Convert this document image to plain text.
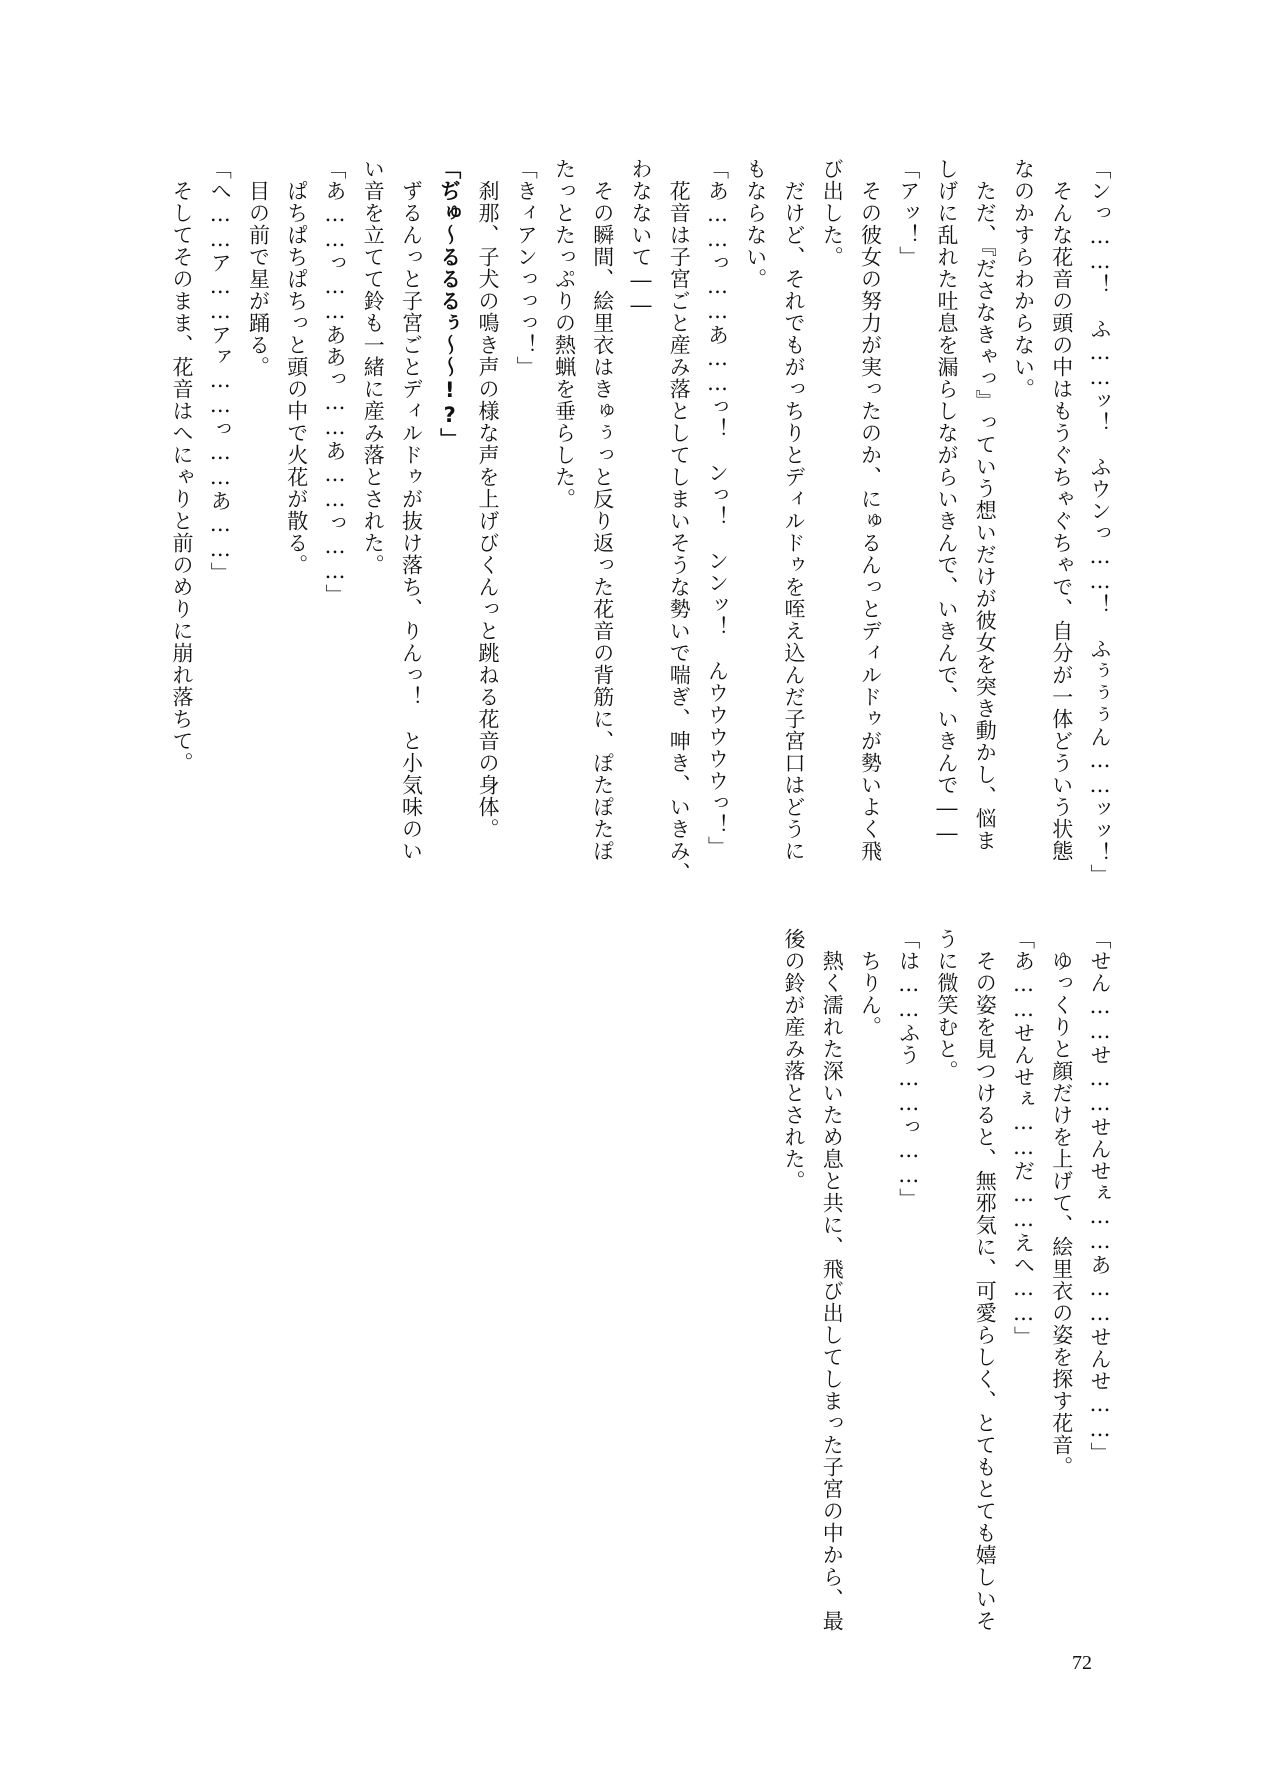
「ンっ……！　ふ……ッ！　ふウンっ……！　ふぅぅぅん……ッッ！」
　そんな花音の頭の中はもうぐちゃぐちゃで、自分が一体どういう状態
なのかすらわからない。
　ただ、『ださなきゃっ』っていう想いだけが彼女を突き動かし、悩ま
しげに乱れた吐息を漏らしながらいきんで、いきんで、いきんで――
「アッ！」
　その彼女の努力が実ったのか、にゅるんっとディルドゥが勢いよく飛
び出した。
　だけど、それでもがっちりとディルドゥを咥え込んだ子宮口はどうに
もならない。
「あ……っ……あ……っ！　ンっ！　ンンッ！　んウウウウウっ！」
　花音は子宮ごと産み落としてしまいそうな勢いで喘ぎ、呻き、いきみ、
わなないて――
　その瞬間、絵里衣はきゅぅっと反り返った花音の背筋に、ぽたぽたぽ
たっとたっぷりの熱蝋を垂らした。
「きィアンっっっ！」
　刹那、子犬の鳴き声の様な声を上げびくんっと跳ねる花音の身体。
「ぢゅ〜るるるぅ〜〜!?」
　ずるんっと子宮ごとディルドゥが抜け落ち、りんっ！　と小気味のい
い音を立てて鈴も一緒に産み落とされた。
「あ……っ……ああっ……あ……っ……」
　ぱちぱちぱちっと頭の中で火花が散る。
　目の前で星が踊る。
「へ……ア……アァ……っ……あ……」
　そしてそのまま、花音はへにゃりと前のめりに崩れ落ちて。
「せん……せ……せんせぇ……あ……せんせ……」
　ゆっくりと顔だけを上げて、絵里衣の姿を探す花音。
「あ……せんせぇ……だ……えへ……」
　その姿を見つけると、無邪気に、可愛らしく、とてもとても嬉しいそ
うに微笑むと。
「は……ふう……っ……」
　ちりん。
　熱く濡れた深いため息と共に、飛び出してしまった子宮の中から、最
後の鈴が産み落とされた。
72
